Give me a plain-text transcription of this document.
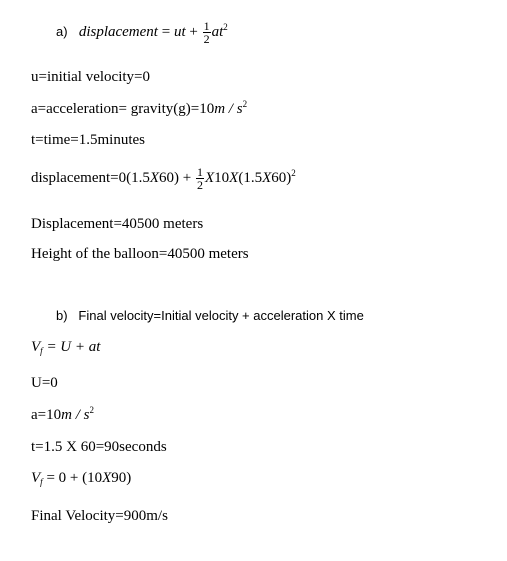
a) displacement = ut + $\frac{1}{2} at^2$
u=initial velocity=0
a=acceleration= gravity(g)=10m / $s^2$
t=time=1.5minutes
displacement=0(1.5X60) + $\frac{1}{2} X10X(1.5X60)^2$
Displacement=40500 meters
Height of the balloon=40500 meters
b) Final velocity=Initial velocity + acceleration X time
$V_f = U$ + at
U=0
$a=10m / s^2$
t=1.5 X 60=90seconds
$V_f = 0 + (10X90)$
Final Velocity=900m/s
